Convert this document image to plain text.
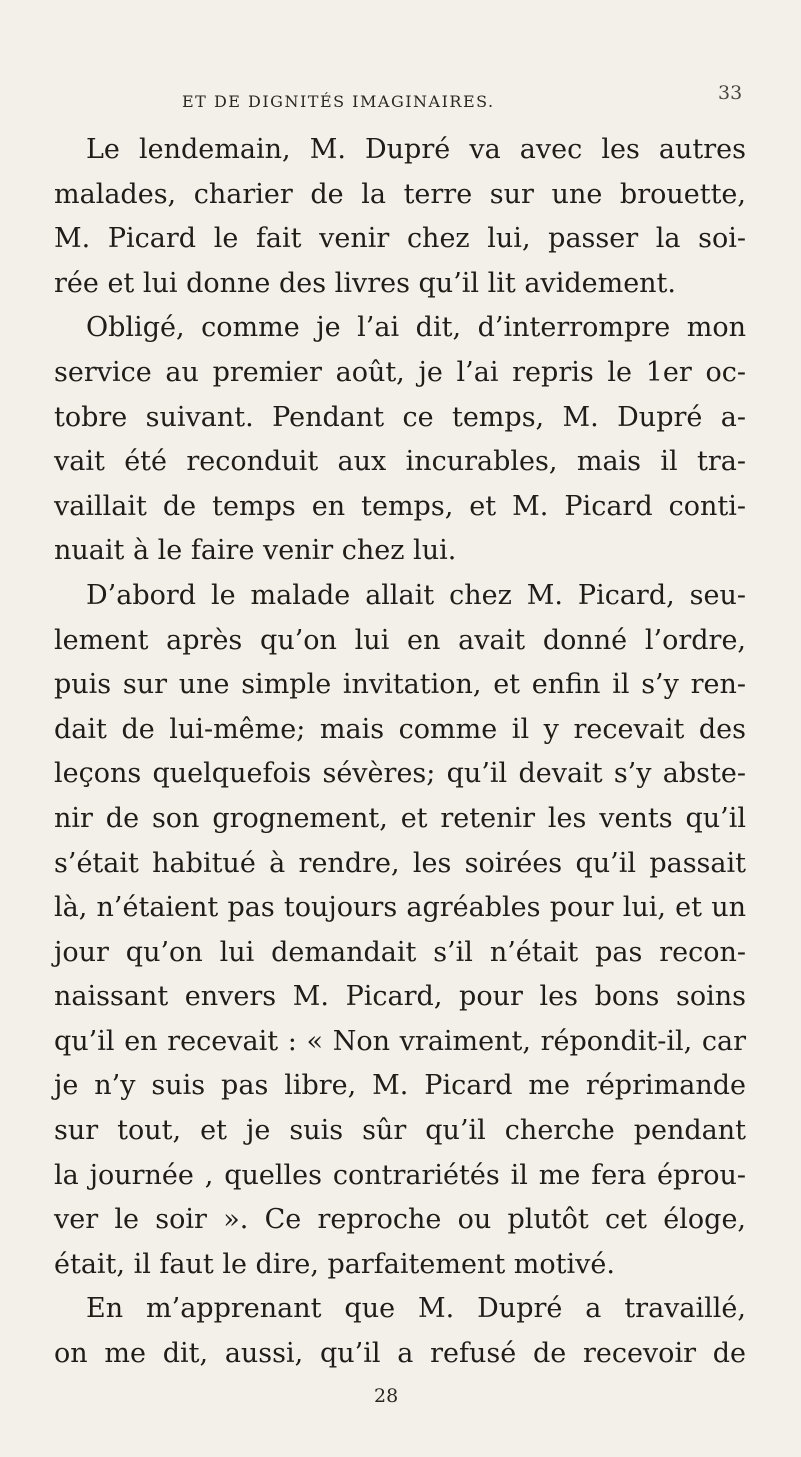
ET DE DIGNITÉS IMAGINAIRES.	33
Le lendemain, M. Dupré va avec les autres
malades, charier de la terre sur une brouette,
M. Picard le fait venir chez lui, passer la soi-
rée et lui donne des livres qu’il lit avidement.
Obligé, comme je l’ai dit, d’interrompre mon
service au premier août, je l’ai repris le 1er oc-
tobre suivant. Pendant ce temps, M. Dupré a-
vait été reconduit aux incurables, mais il tra-
vaillait de temps en temps, et M. Picard conti-
nuait à le faire venir chez lui.
D’abord le malade allait chez M. Picard, seu-
lement après qu’on lui en avait donné l’ordre,
puis sur une simple invitation, et enfin il s’y ren-
dait de lui-même; mais comme il y recevait des
leçons quelquefois sévères; qu’il devait s’y abste-
nir de son grognement, et retenir les vents qu’il
s’était habitué à rendre, les soirées qu’il passait
là, n’étaient pas toujours agréables pour lui, et un
jour qu’on lui demandait s’il n’était pas recon-
naissant envers M. Picard, pour les bons soins
qu’il en recevait : « Non vraiment, répondit-il, car
je n’y suis pas libre, M. Picard me réprimande
sur tout, et je suis sûr qu’il cherche pendant
la journée , quelles contrariétés il me fera éprou-
ver le soir ». Ce reproche ou plutôt cet éloge,
était, il faut le dire, parfaitement motivé.
En m’apprenant que M. Dupré a travaillé,
on me dit, aussi, qu’il a refusé de recevoir de
28
